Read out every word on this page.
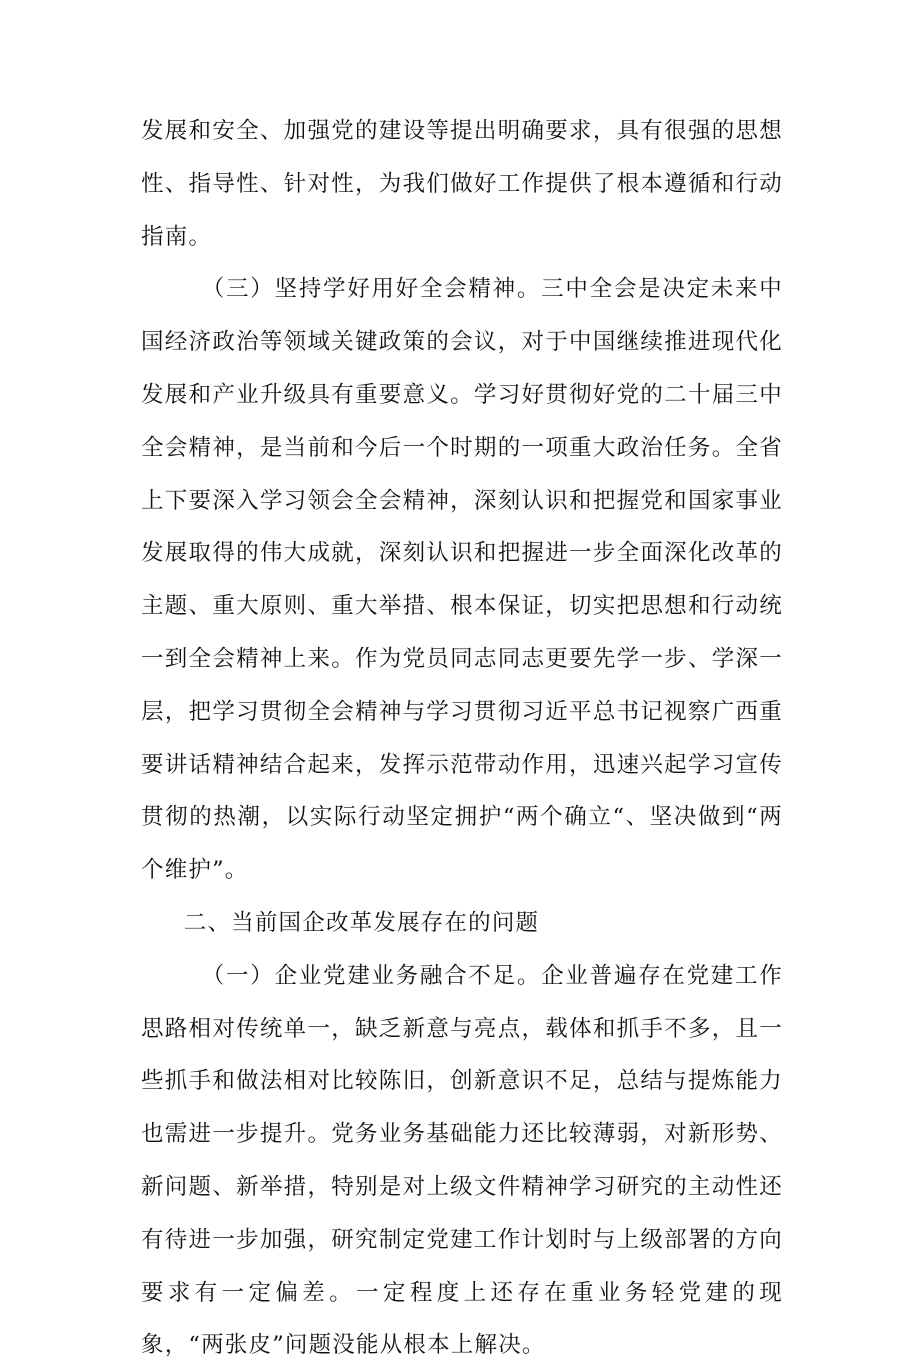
发展和安全、加强党的建设等提出明确要求，具有很强的思想性、指导性、针对性，为我们做好工作提供了根本遵循和行动指南。

（三）坚持学好用好全会精神。三中全会是决定未来中国经济政治等领域关键政策的会议，对于中国继续推进现代化发展和产业升级具有重要意义。学习好贯彻好党的二十届三中全会精神，是当前和今后一个时期的一项重大政治任务。全省上下要深入学习领会全会精神，深刻认识和把握党和国家事业发展取得的伟大成就，深刻认识和把握进一步全面深化改革的主题、重大原则、重大举措、根本保证，切实把思想和行动统一到全会精神上来。作为党员同志同志更要先学一步、学深一层，把学习贯彻全会精神与学习贯彻习近平总书记视察广西重要讲话精神结合起来，发挥示范带动作用，迅速兴起学习宣传贯彻的热潮，以实际行动坚定拥护“两个确立“、坚决做到“两个维护”。

二、当前国企改革发展存在的问题

（一）企业党建业务融合不足。企业普遍存在党建工作思路相对传统单一，缺乏新意与亮点，载体和抓手不多，且一些抓手和做法相对比较陈旧，创新意识不足，总结与提炼能力也需进一步提升。党务业务基础能力还比较薄弱，对新形势、新问题、新举措，特别是对上级文件精神学习研究的主动性还有待进一步加强，研究制定党建工作计划时与上级部署的方向要求有一定偏差。一定程度上还存在重业务轻党建的现象，“两张皮”问题没能从根本上解决。
